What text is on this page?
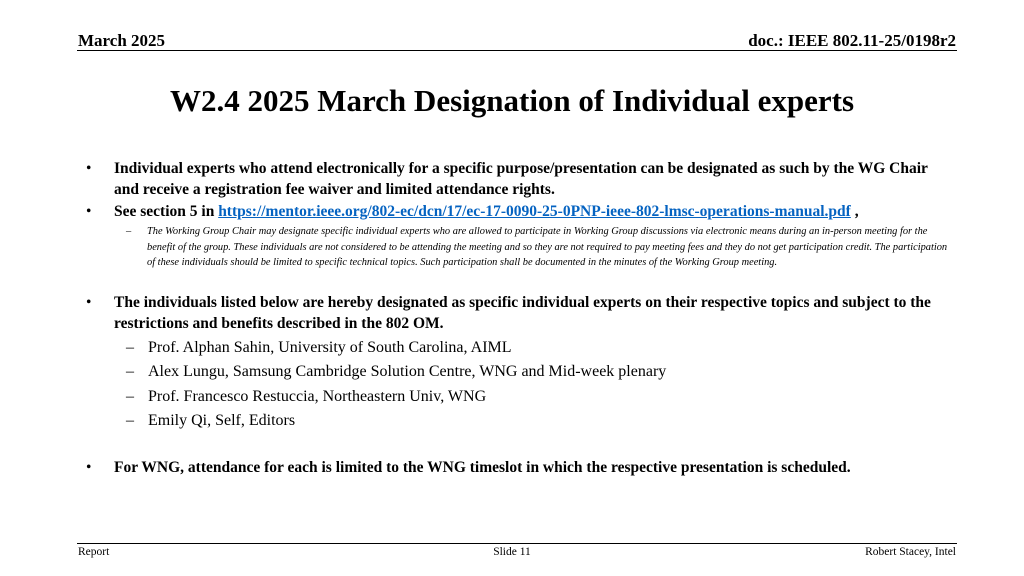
March 2025	doc.: IEEE 802.11-25/0198r2
W2.4 2025 March Designation of Individual experts
• Individual experts who attend electronically for a specific purpose/presentation can be designated as such by the WG Chair and receive a registration fee waiver and limited attendance rights.
• See section 5 in https://mentor.ieee.org/802-ec/dcn/17/ec-17-0090-25-0PNP-ieee-802-lmsc-operations-manual.pdf ,
– The Working Group Chair may designate specific individual experts who are allowed to participate in Working Group discussions via electronic means during an in-person meeting for the benefit of the group. These individuals are not considered to be attending the meeting and so they are not required to pay meeting fees and they do not get participation credit. The participation of these individuals should be limited to specific technical topics. Such participation shall be documented in the minutes of the Working Group meeting.
• The individuals listed below are hereby designated as specific individual experts on their respective topics and subject to the restrictions and benefits described in the 802 OM.
– Prof. Alphan Sahin, University of South Carolina, AIML
– Alex Lungu, Samsung Cambridge Solution Centre, WNG and Mid-week plenary
– Prof. Francesco Restuccia, Northeastern Univ, WNG
– Emily Qi, Self, Editors
• For WNG, attendance for each is limited to the WNG timeslot in which the respective presentation is scheduled.
Report	Slide 11	Robert Stacey, Intel
